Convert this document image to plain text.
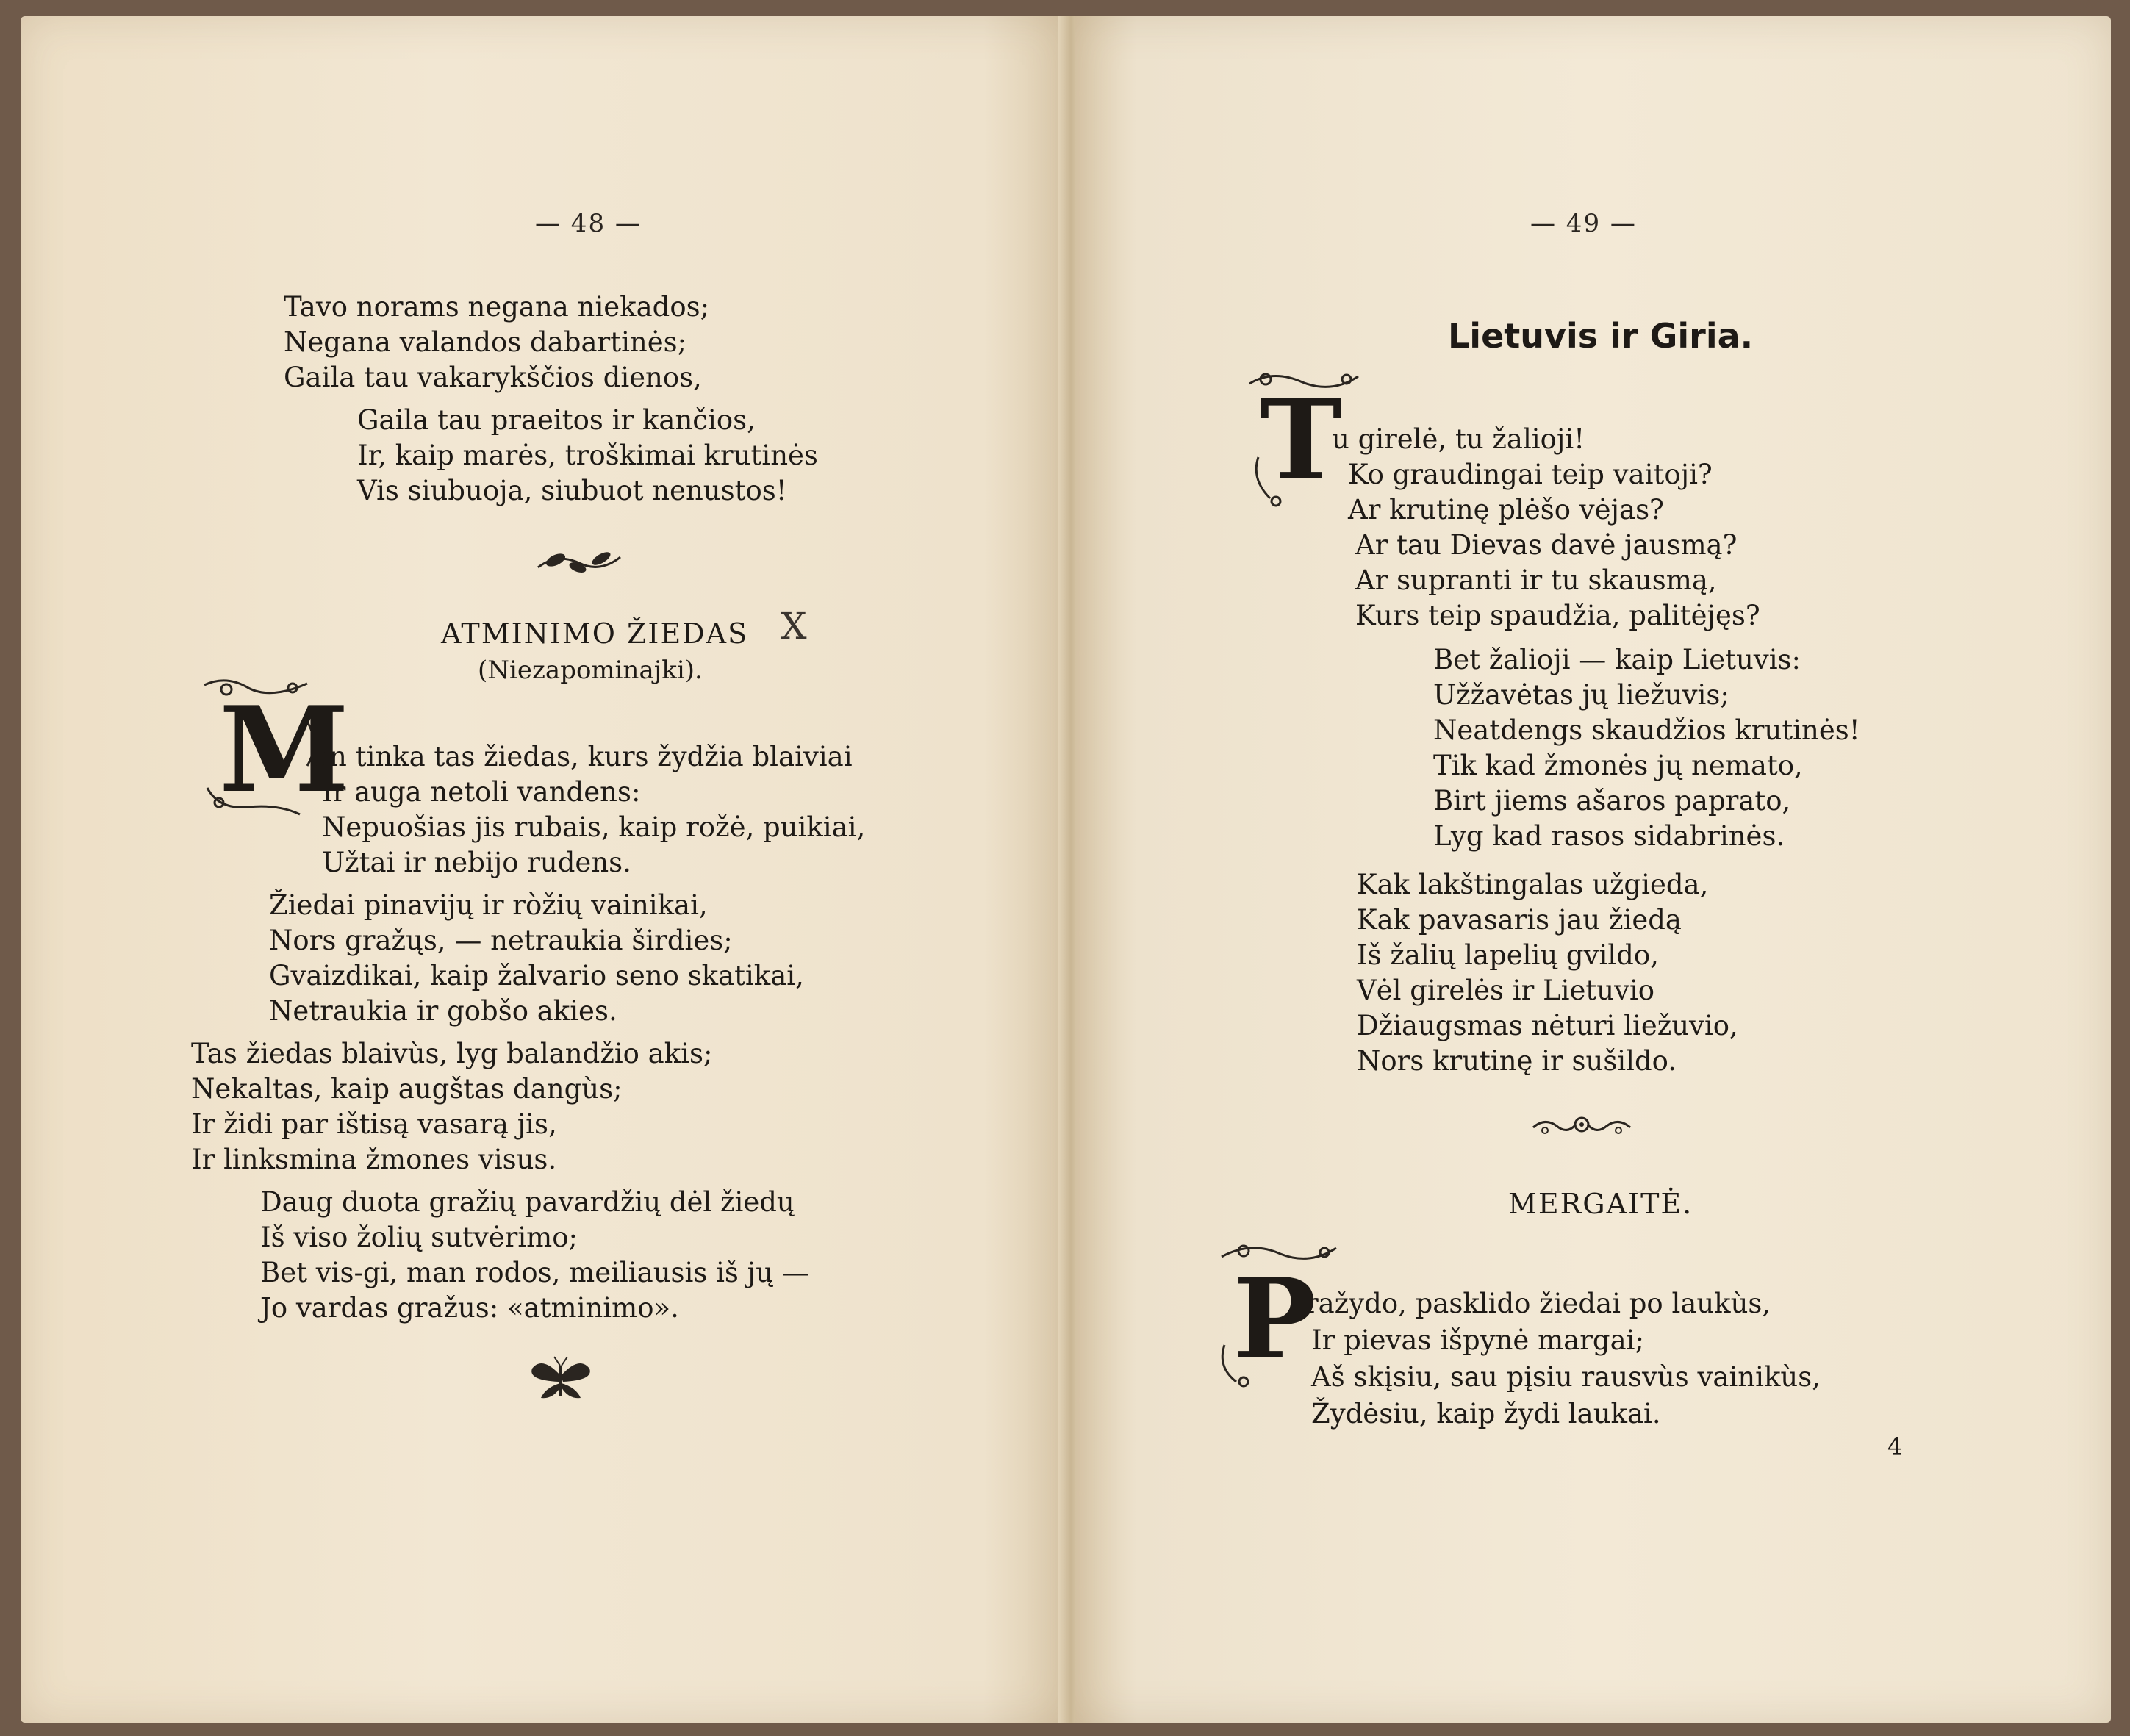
— 48 —
Tavo norams negana niekados;
Negana valandos dabartinės;
Gaila tau vakarykščios dienos,
Gaila tau praeitos ir kančios,
Ir, kaip marės, troškimai krutinės
Vis siubuoja, siubuot nenustos!
ATMINIMO ŽIEDAS X
(Niezapominajki).
M
an tinka tas žiedas, kurs žydžia blaiviai
Ir auga netoli vandens:
Nepuošias jis rubais, kaip rožė, puikiai,
Užtai ir nebijo rudens.
Žiedai pinavijų ir ròžių vainikai,
Nors gražųs, — netraukia širdies;
Gvaizdikai, kaip žalvario seno skatikai,
Netraukia ir gobšo akies.
Tas žiedas blaivùs, lyg balandžio akis;
Nekaltas, kaip augštas dangùs;
Ir židi par ištisą vasarą jis,
Ir linksmina žmones visus.
Daug duota gražių pavardžių dėl žiedų
Iš viso žolių sutvėrimo;
Bet vis-gi, man rodos, meiliausis iš jų —
Jo vardas gražus: «atminimo».
— 49 —
Lietuvis ir Giria.
T
u girelė, tu žalioji!
Ko graudingai teip vaitoji?
Ar krutinę plėšo vėjas?
Ar tau Dievas davė jausmą?
Ar supranti ir tu skausmą,
Kurs teip spaudžia, palitėjęs?
Bet žalioji — kaip Lietuvis:
Užžavėtas jų liežuvis;
Neatdengs skaudžios krutinės!
Tik kad žmonės jų nemato,
Birt jiems ašaros paprato,
Lyg kad rasos sidabrinės.
Kak lakštingalas užgieda,
Kak pavasaris jau žiedą
Iš žalių lapelių gvildo,
Vėl girelės ir Lietuvio
Džiaugsmas nėturi liežuvio,
Nors krutinę ir sušildo.
MERGAITĖ.
P
ražydo, pasklido žiedai po laukùs,
Ir pievas išpynė margai;
Aš skįsiu, sau pįsiu rausvùs vainikùs,
Žydėsiu, kaip žydi laukai.
4
